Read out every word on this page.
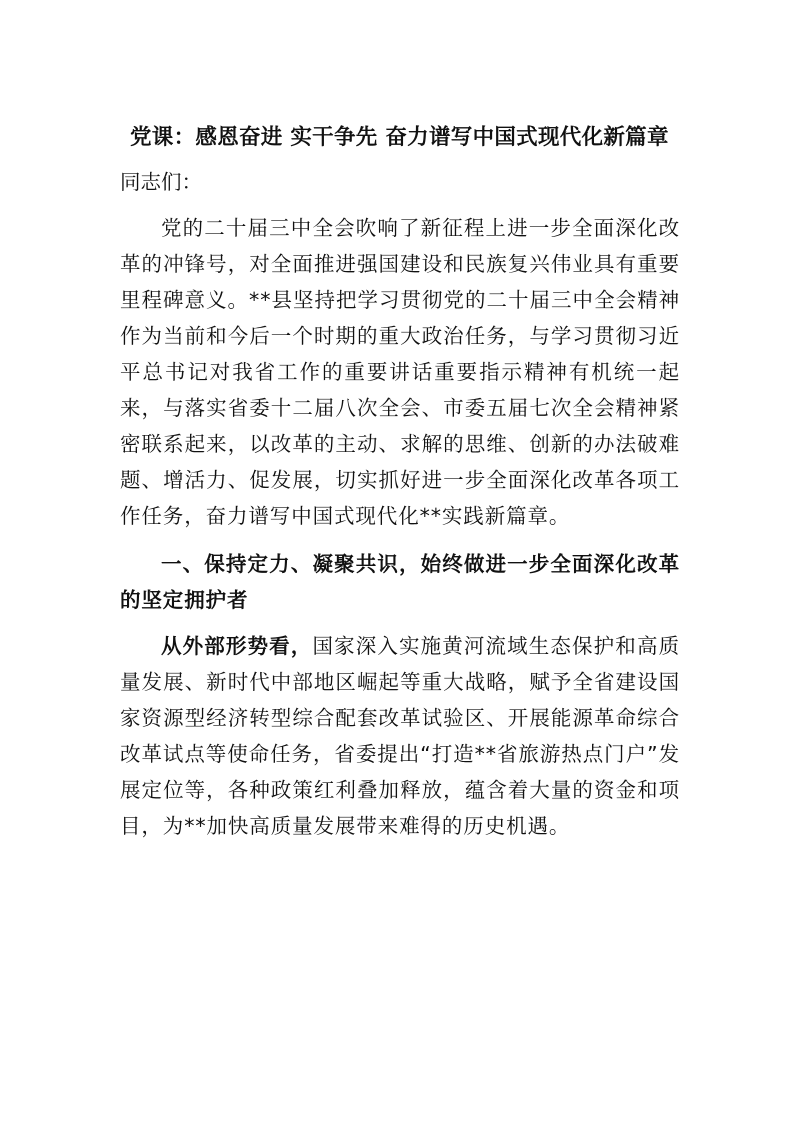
党课：感恩奋进 实干争先 奋力谱写中国式现代化新篇章

同志们：

党的二十届三中全会吹响了新征程上进一步全面深化改革的冲锋号，对全面推进强国建设和民族复兴伟业具有重要里程碑意义。**县坚持把学习贯彻党的二十届三中全会精神作为当前和今后一个时期的重大政治任务，与学习贯彻习近平总书记对我省工作的重要讲话重要指示精神有机统一起来，与落实省委十二届八次全会、市委五届七次全会精神紧密联系起来，以改革的主动、求解的思维、创新的办法破难题、增活力、促发展，切实抓好进一步全面深化改革各项工作任务，奋力谱写中国式现代化**实践新篇章。

一、保持定力、凝聚共识，始终做进一步全面深化改革的坚定拥护者

从外部形势看，国家深入实施黄河流域生态保护和高质量发展、新时代中部地区崛起等重大战略，赋予全省建设国家资源型经济转型综合配套改革试验区、开展能源革命综合改革试点等使命任务，省委提出“打造**省旅游热点门户”发展定位等，各种政策红利叠加释放，蕴含着大量的资金和项目，为**加快高质量发展带来难得的历史机遇。
